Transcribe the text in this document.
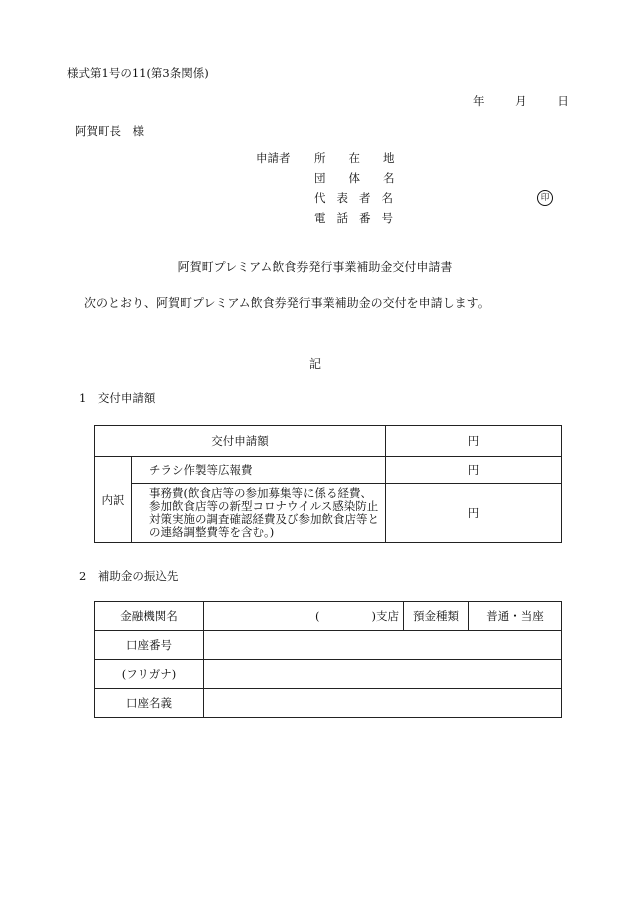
様式第1号の11(第3条関係)
年	月	日
阿賀町長　様
申請者 所 在 地
団 体 名
代 表 者 名
電 話 番 号
印
阿賀町プレミアム飲食券発行事業補助金交付申請書
次のとおり、阿賀町プレミアム飲食券発行事業補助金の交付を申請します。
記
1　交付申請額
交付申請額		円
内訳	チラシ作製等広報費	円
	事務費(飲食店等の参加募集等に係る経費、参加飲食店等の新型コロナウイルス感染防止対策実施の調査確認経費及び参加飲食店等との連絡調整費等を含む。)	円
2　補助金の振込先
金融機関名	( )支店	預金種類	普通・当座
口座番号			
(フリガナ)			
口座名義			
